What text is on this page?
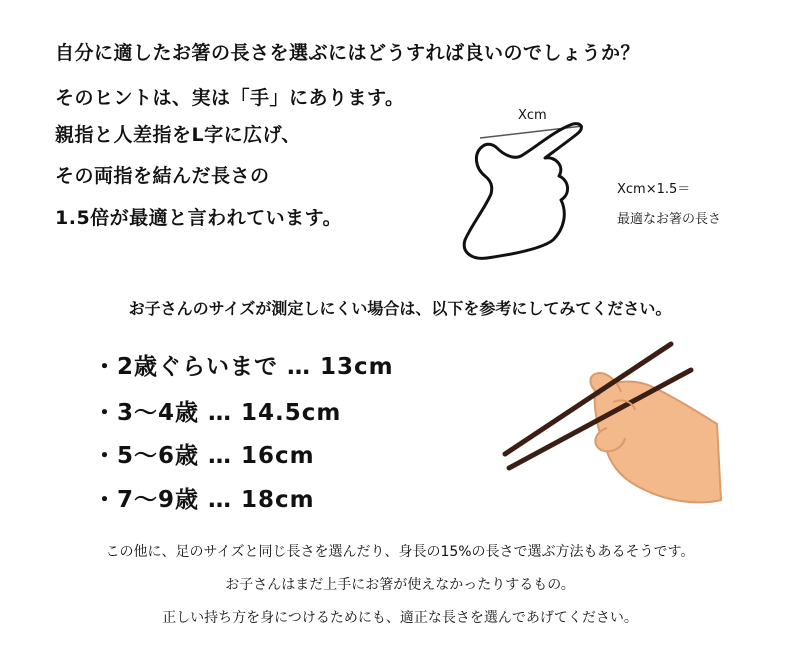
自分に適したお箸の長さを選ぶにはどうすれば良いのでしょうか？
そのヒントは、実は「手」にあります。
親指と人差指をL字に広げ、
その両指を結んだ長さの
1.5倍が最適と言われています。
Xcm
Xcm×1.5＝
最適なお箸の長さ
お子さんのサイズが測定しにくい場合は、以下を参考にしてみてください。
・2歳ぐらいまで … 13cm
・3～4歳 … 14.5cm
・5～6歳 … 16cm
・7～9歳 … 18cm
この他に、足のサイズと同じ長さを選んだり、身長の15%の長さで選ぶ方法もあるそうです。
お子さんはまだ上手にお箸が使えなかったりするもの。
正しい持ち方を身につけるためにも、適正な長さを選んであげてください。
